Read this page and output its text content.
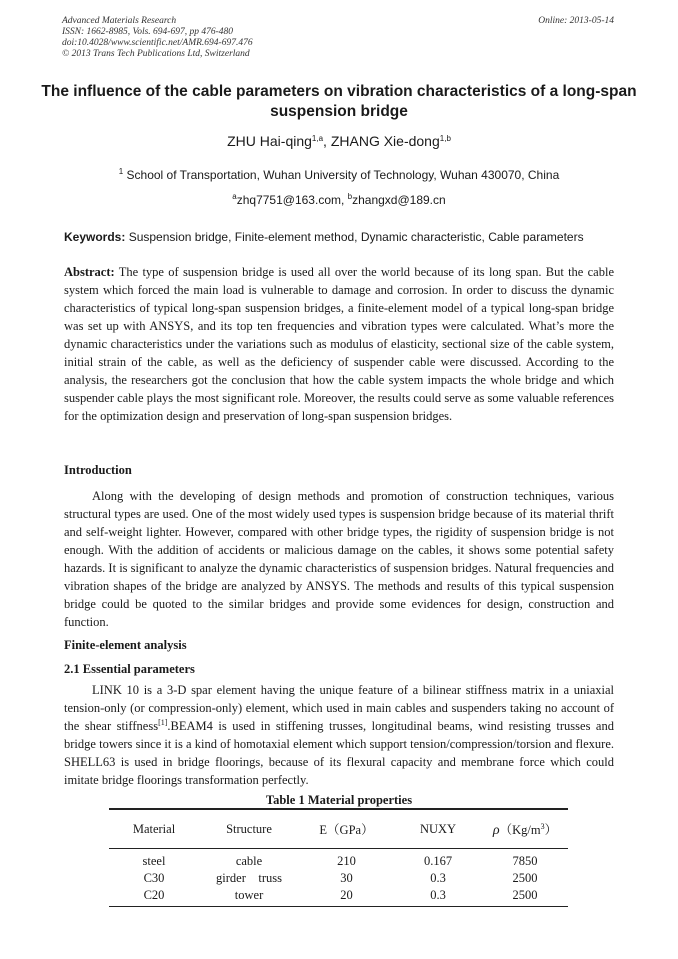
Advanced Materials Research
ISSN: 1662-8985, Vols. 694-697, pp 476-480
doi:10.4028/www.scientific.net/AMR.694-697.476
© 2013 Trans Tech Publications Ltd, Switzerland
Online: 2013-05-14
The influence of the cable parameters on vibration characteristics of a long-span suspension bridge
ZHU Hai-qing$^{1,a}$, ZHANG Xie-dong$^{1,b}$
$^1$ School of Transportation, Wuhan University of Technology, Wuhan 430070, China
$^a$zhq7751@163.com, $^b$zhangxd@189.cn
Keywords: Suspension bridge, Finite-element method, Dynamic characteristic, Cable parameters

Abstract: The type of suspension bridge is used all over the world because of its long span. But the cable system which forced the main load is vulnerable to damage and corrosion. In order to discuss the dynamic characteristics of typical long-span suspension bridges, a finite-element model of a typical long-span bridge was set up with ANSYS, and its top ten frequencies and vibration types were calculated. What’s more the dynamic characteristics under the variations such as modulus of elasticity, sectional size of the cable system, initial strain of the cable, as well as the deficiency of suspender cable were discussed. According to the analysis, the researchers got the conclusion that how the cable system impacts the whole bridge and which suspender cable plays the most significant role. Moreover, the results could serve as some valuable references for the optimization design and preservation of long-span suspension bridges.

Introduction

Along with the developing of design methods and promotion of construction techniques, various structural types are used. One of the most widely used types is suspension bridge because of its material thrift and self-weight lighter. However, compared with other bridge types, the rigidity of suspension bridge is not enough. With the addition of accidents or malicious damage on the cables, it shows some potential safety hazards. It is significant to analyze the dynamic characteristics of suspension bridges. Natural frequencies and vibration shapes of the bridge are analyzed by ANSYS. The methods and results of this typical suspension bridge could be quoted to the similar bridges and provide some evidences for design, construction and function.

Finite-element analysis
2.1 Essential parameters

LINK 10 is a 3-D spar element having the unique feature of a bilinear stiffness matrix in a uniaxial tension-only (or compression-only) element, which used in main cables and suspenders taking no account of the shear stiffness[1].BEAM4 is used in stiffening trusses, longitudinal beams, wind resisting trusses and bridge towers since it is a kind of homotaxial element which support tension/compression/torsion and flexure. SHELL63 is used in bridge floorings, because of its flexural capacity and membrane force which could imitate bridge floorings transformation perfectly.

Table 1 Material properties
Material	Structure	E（GPa）	NUXY	$\rho(Kg/m^3)$
steel	cable	210	0.167	7850
C30	girder    truss	30	0.3	2500
C20	tower	20	0.3	2500
